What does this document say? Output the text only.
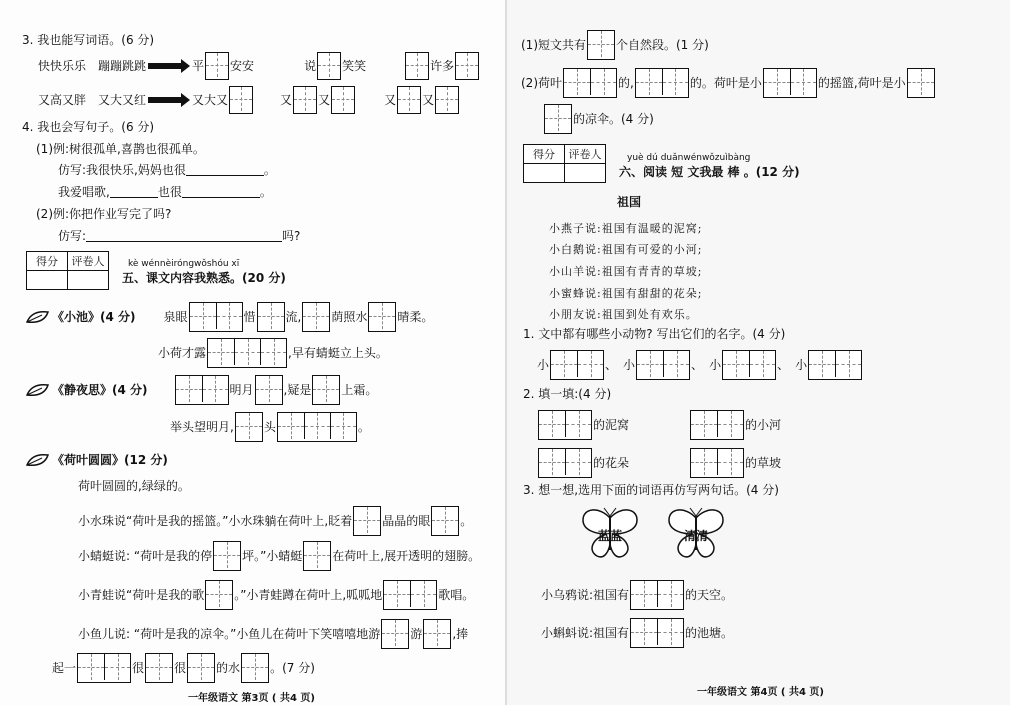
3. 我也能写词语。(6 分)
快快乐乐 蹦蹦跳跳	平 安安	说 笑笑	许多
又高又胖 又大又红	又大又	又 又	又 又
4. 我也会写句子。(6 分)
(1)例:树很孤单,喜鹊也很孤单。
仿写:我很快乐,妈妈也很	。
我爱唱歌,	也很	。
(2)例:你把作业写完了吗?
仿写:	吗?
得分	评卷人
		kè wénnèiróngwǒshóu xī
五、课文内容我熟悉。(20 分)
《小池》(4 分) 泉眼	惜	流,	荫照水	晴柔。
小荷才露	,早有蜻蜓立上头。
《静夜思》(4 分)	明月	,疑是	上霜。
举头望明月,	头	。
《荷叶圆圆》(12 分)
荷叶圆圆的,绿绿的。
小水珠说“荷叶是我的摇篮。”小水珠躺在荷叶上,眨着	晶晶的眼	。
小蜻蜓说: “荷叶是我的停	坪。”小蜻蜓	在荷叶上,展开透明的翅膀。
小青蛙说“荷叶是我的歌	。”小青蛙蹲在荷叶上,呱呱地	歌唱。
小鱼儿说: “荷叶是我的凉伞。”小鱼儿在荷叶下笑嘻嘻地游	游	,捧
起一	很	很	的水	。(7 分)
一年级语文 第3页 ( 共4 页)
(1)短文共有	个自然段。(1 分)
(2)荷叶	的,	的。荷叶是小	的摇篮,荷叶是小
的凉伞。(4 分)
得分	评卷人
		yuè dú duǎnwénwǒzuìbàng
六、阅读 短 文我最 棒 。(12 分)
祖国
小燕子说:祖国有温暖的泥窝;
小白鹅说:祖国有可爱的小河;
小山羊说:祖国有青青的草坡;
小蜜蜂说:祖国有甜甜的花朵;
小朋友说:祖国到处有欢乐。
1. 文中都有哪些小动物? 写出它们的名字。(4 分)
小	、 小	、 小	、 小
2. 填一填:(4 分)
的泥窝	的小河
的花朵	的草坡
3. 想一想,选用下面的词语再仿写两句话。(4 分)
蓝蓝	清清
小乌鸦说:祖国有	的天空。
小蝌蚪说:祖国有	的池塘。
一年级语文 第4页 ( 共4 页)
